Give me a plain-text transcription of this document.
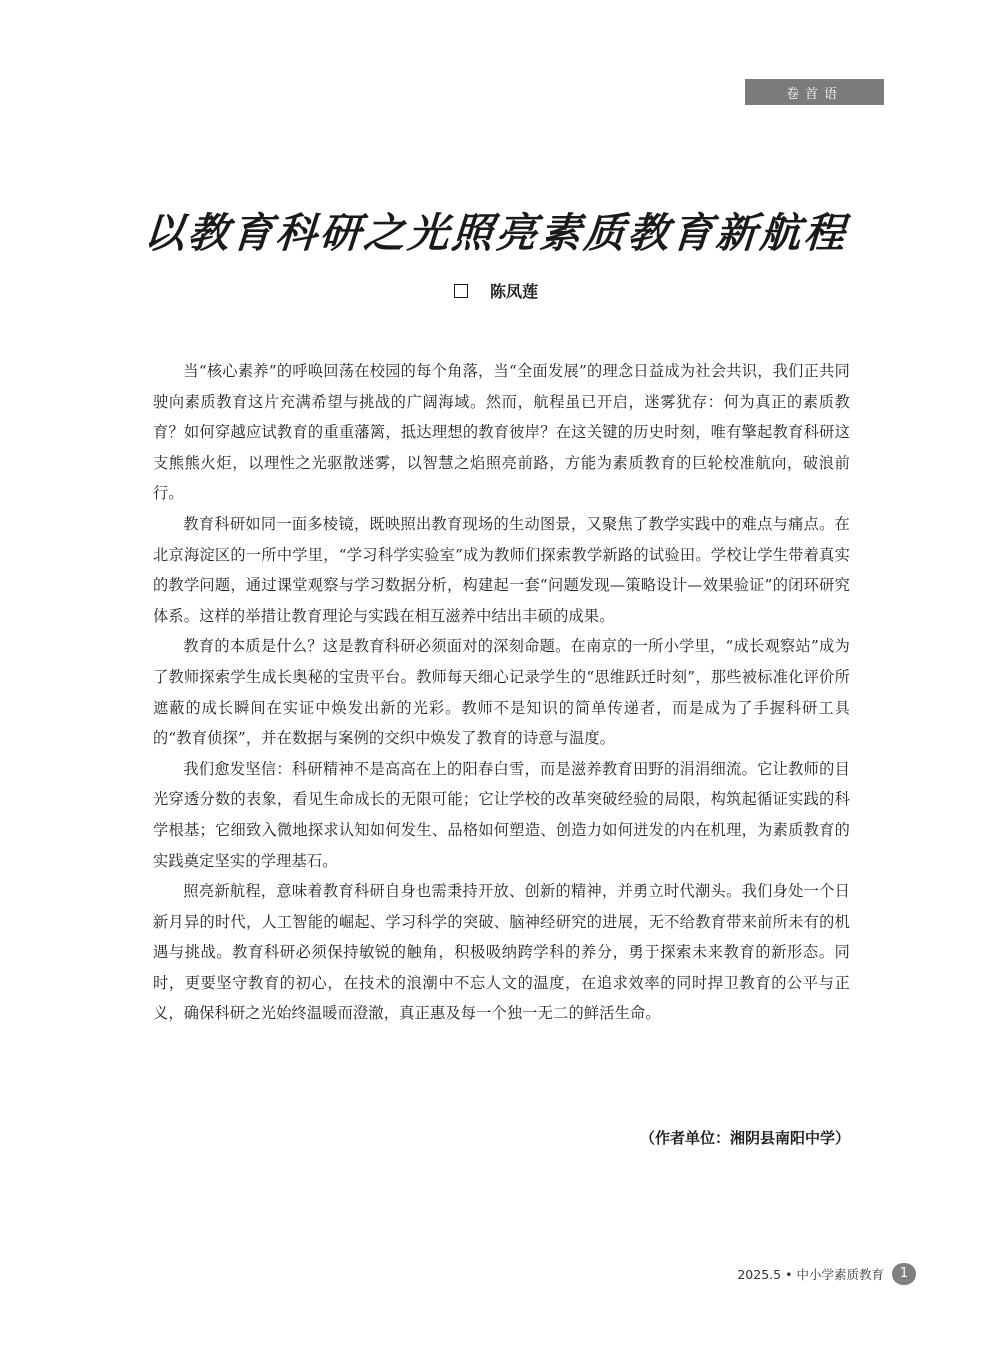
卷首语
以教育科研之光照亮素质教育新航程
陈凤莲

当“核心素养”的呼唤回荡在校园的每个角落，当“全面发展”的理念日益成为社会共识，我们正共同驶向素质教育这片充满希望与挑战的广阔海域。然而，航程虽已开启，迷雾犹存：何为真正的素质教育？如何穿越应试教育的重重藩篱，抵达理想的教育彼岸？在这关键的历史时刻，唯有擎起教育科研这支熊熊火炬，以理性之光驱散迷雾，以智慧之焰照亮前路，方能为素质教育的巨轮校准航向，破浪前行。

教育科研如同一面多棱镜，既映照出教育现场的生动图景，又聚焦了教学实践中的难点与痛点。在北京海淀区的一所中学里，“学习科学实验室”成为教师们探索教学新路的试验田。学校让学生带着真实的教学问题，通过课堂观察与学习数据分析，构建起一套“问题发现—策略设计—效果验证”的闭环研究体系。这样的举措让教育理论与实践在相互滋养中结出丰硕的成果。

教育的本质是什么？这是教育科研必须面对的深刻命题。在南京的一所小学里，“成长观察站”成为了教师探索学生成长奥秘的宝贵平台。教师每天细心记录学生的“思维跃迁时刻”，那些被标准化评价所遮蔽的成长瞬间在实证中焕发出新的光彩。教师不是知识的简单传递者，而是成为了手握科研工具的“教育侦探”，并在数据与案例的交织中焕发了教育的诗意与温度。

我们愈发坚信：科研精神不是高高在上的阳春白雪，而是滋养教育田野的涓涓细流。它让教师的目光穿透分数的表象，看见生命成长的无限可能；它让学校的改革突破经验的局限，构筑起循证实践的科学根基；它细致入微地探求认知如何发生、品格如何塑造、创造力如何迸发的内在机理，为素质教育的实践奠定坚实的学理基石。

照亮新航程，意味着教育科研自身也需秉持开放、创新的精神，并勇立时代潮头。我们身处一个日新月异的时代，人工智能的崛起、学习科学的突破、脑神经研究的进展，无不给教育带来前所未有的机遇与挑战。教育科研必须保持敏锐的触角，积极吸纳跨学科的养分，勇于探索未来教育的新形态。同时，更要坚守教育的初心，在技术的浪潮中不忘人文的温度，在追求效率的同时捍卫教育的公平与正义，确保科研之光始终温暖而澄澈，真正惠及每一个独一无二的鲜活生命。

（作者单位：湘阴县南阳中学）
2025.5 • 中小学素质教育	1
